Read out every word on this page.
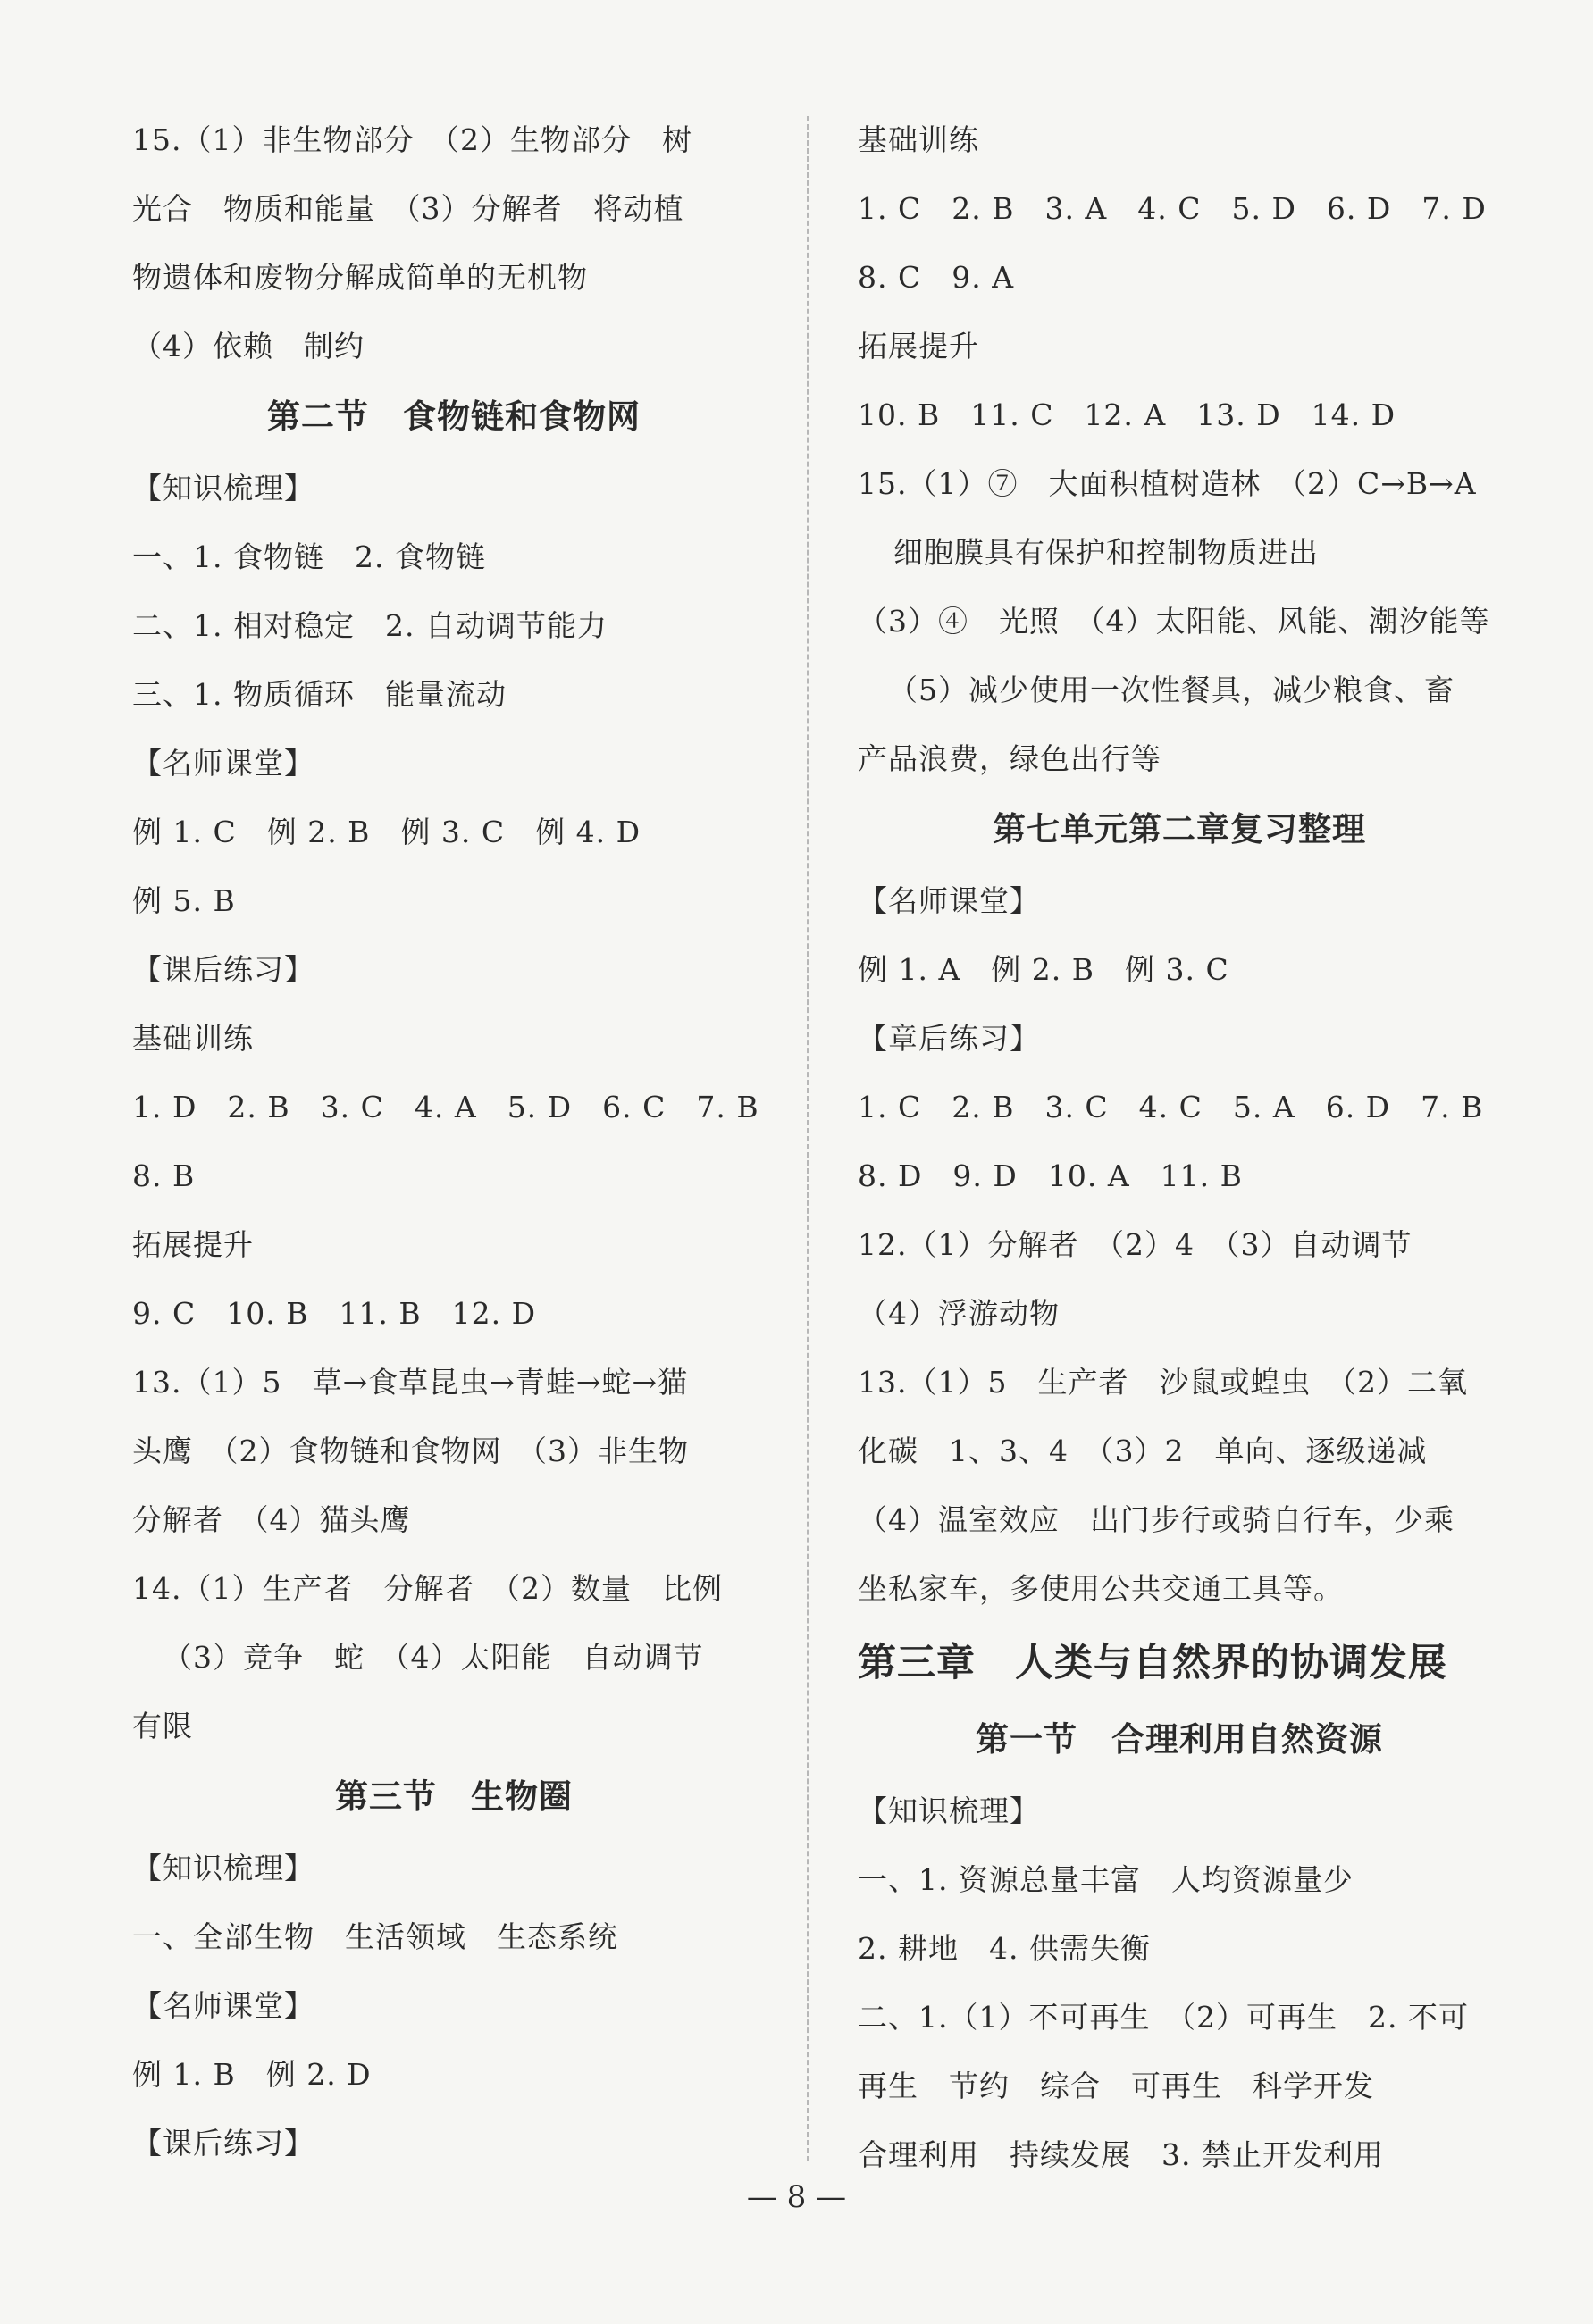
15.（1）非生物部分　（2）生物部分　树
光合　物质和能量　（3）分解者　将动植
物遗体和废物分解成简单的无机物
（4）依赖　制约
第二节　食物链和食物网
【知识梳理】
一、1. 食物链　2. 食物链
二、1. 相对稳定　2. 自动调节能力
三、1. 物质循环　能量流动
【名师课堂】
例 1. C　例 2. B　例 3. C　例 4. D
例 5. B
【课后练习】
基础训练
1. D　2. B　3. C　4. A　5. D　6. C　7. B
8. B
拓展提升
9. C　10. B　11. B　12. D
13.（1）5　草→食草昆虫→青蛙→蛇→猫
头鹰　（2）食物链和食物网　（3）非生物
分解者　（4）猫头鹰
14.（1）生产者　分解者　（2）数量　比例
（3）竞争　蛇　（4）太阳能　自动调节
有限
第三节　生物圈
【知识梳理】
一、全部生物　生活领域　生态系统
【名师课堂】
例 1. B　例 2. D
【课后练习】
基础训练
1. C　2. B　3. A　4. C　5. D　6. D　7. D
8. C　9. A
拓展提升
10. B　11. C　12. A　13. D　14. D
15.（1）⑦　大面积植树造林　（2）C→B→A
细胞膜具有保护和控制物质进出
（3）④　光照　（4）太阳能、风能、潮汐能等
（5）减少使用一次性餐具，减少粮食、畜
产品浪费，绿色出行等
第七单元第二章复习整理
【名师课堂】
例 1. A　例 2. B　例 3. C
【章后练习】
1. C　2. B　3. C　4. C　5. A　6. D　7. B
8. D　9. D　10. A　11. B
12.（1）分解者　（2）4　（3）自动调节
（4）浮游动物
13.（1）5　生产者　沙鼠或蝗虫　（2）二氧
化碳　1、3、4　（3）2　单向、逐级递减
（4）温室效应　出门步行或骑自行车，少乘
坐私家车，多使用公共交通工具等。
第三章　人类与自然界的协调发展
第一节　合理利用自然资源
【知识梳理】
一、1. 资源总量丰富　人均资源量少
2. 耕地　4. 供需失衡
二、1.（1）不可再生　（2）可再生　2. 不可
再生　节约　综合　可再生　科学开发
合理利用　持续发展　3. 禁止开发利用
— 8 —
